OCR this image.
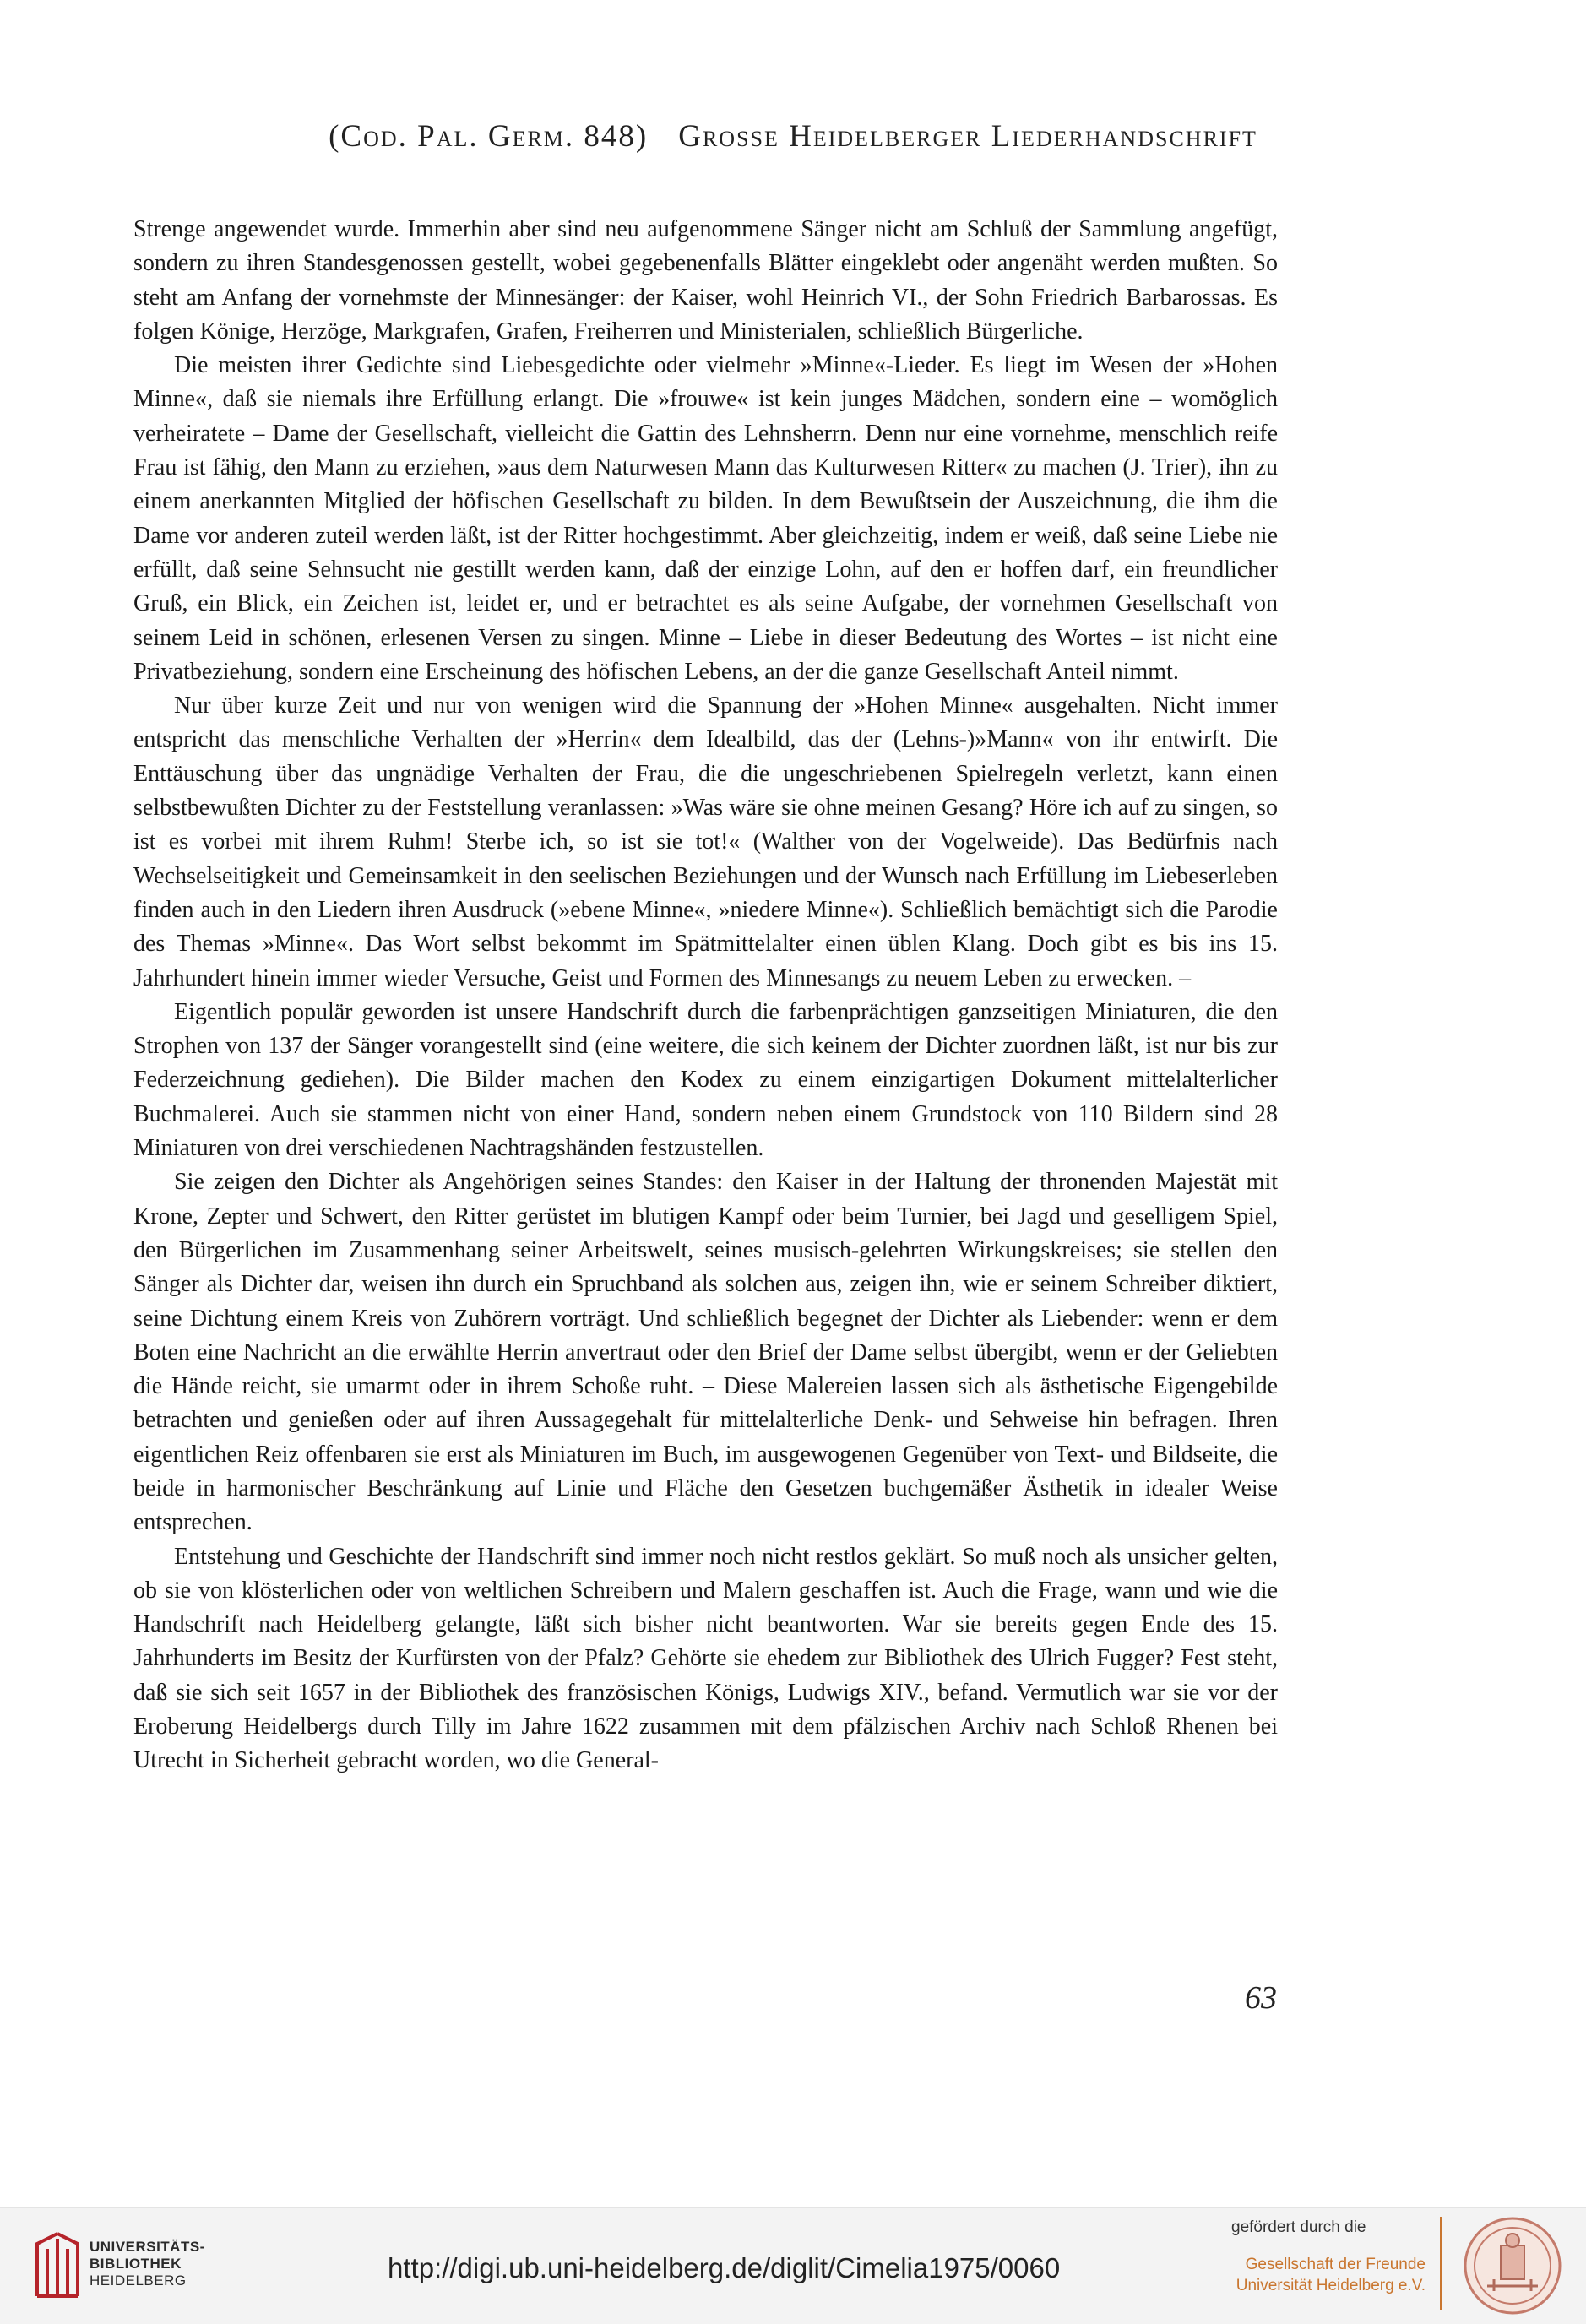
(Cod. Pal. Germ. 848) Grosse Heidelberger Liederhandschrift

Strenge angewendet wurde. Immerhin aber sind neu aufgenommene Sänger nicht am Schluß der Sammlung angefügt, sondern zu ihren Standesgenossen gestellt, wobei gegebenenfalls Blätter eingeklebt oder angenäht werden mußten. So steht am Anfang der vornehmste der Minnesänger: der Kaiser, wohl Heinrich VI., der Sohn Friedrich Barbarossas. Es folgen Könige, Herzöge, Markgrafen, Grafen, Freiherren und Ministerialen, schließlich Bürgerliche.

Die meisten ihrer Gedichte sind Liebesgedichte oder vielmehr »Minne«-Lieder. Es liegt im Wesen der »Hohen Minne«, daß sie niemals ihre Erfüllung erlangt. Die »frouwe« ist kein junges Mädchen, sondern eine – womöglich verheiratete – Dame der Gesellschaft, vielleicht die Gattin des Lehnsherrn. Denn nur eine vornehme, menschlich reife Frau ist fähig, den Mann zu erziehen, »aus dem Naturwesen Mann das Kulturwesen Ritter« zu machen (J. Trier), ihn zu einem anerkannten Mitglied der höfischen Gesellschaft zu bilden. In dem Bewußtsein der Auszeichnung, die ihm die Dame vor anderen zuteil werden läßt, ist der Ritter hochgestimmt. Aber gleichzeitig, indem er weiß, daß seine Liebe nie erfüllt, daß seine Sehnsucht nie gestillt werden kann, daß der einzige Lohn, auf den er hoffen darf, ein freundlicher Gruß, ein Blick, ein Zeichen ist, leidet er, und er betrachtet es als seine Aufgabe, der vornehmen Gesellschaft von seinem Leid in schönen, erlesenen Versen zu singen. Minne – Liebe in dieser Bedeutung des Wortes – ist nicht eine Privatbeziehung, sondern eine Erscheinung des höfischen Lebens, an der die ganze Gesellschaft Anteil nimmt.

Nur über kurze Zeit und nur von wenigen wird die Spannung der »Hohen Minne« ausgehalten. Nicht immer entspricht das menschliche Verhalten der »Herrin« dem Idealbild, das der (Lehns-)»Mann« von ihr entwirft. Die Enttäuschung über das ungnädige Verhalten der Frau, die die ungeschriebenen Spielregeln verletzt, kann einen selbstbewußten Dichter zu der Feststellung veranlassen: »Was wäre sie ohne meinen Gesang? Höre ich auf zu singen, so ist es vorbei mit ihrem Ruhm! Sterbe ich, so ist sie tot!« (Walther von der Vogelweide). Das Bedürfnis nach Wechselseitigkeit und Gemeinsamkeit in den seelischen Beziehungen und der Wunsch nach Erfüllung im Liebeserleben finden auch in den Liedern ihren Ausdruck (»ebene Minne«, »niedere Minne«). Schließlich bemächtigt sich die Parodie des Themas »Minne«. Das Wort selbst bekommt im Spätmittelalter einen üblen Klang. Doch gibt es bis ins 15. Jahrhundert hinein immer wieder Versuche, Geist und Formen des Minnesangs zu neuem Leben zu erwecken. –

Eigentlich populär geworden ist unsere Handschrift durch die farbenprächtigen ganzseitigen Miniaturen, die den Strophen von 137 der Sänger vorangestellt sind (eine weitere, die sich keinem der Dichter zuordnen läßt, ist nur bis zur Federzeichnung gediehen). Die Bilder machen den Kodex zu einem einzigartigen Dokument mittelalterlicher Buchmalerei. Auch sie stammen nicht von einer Hand, sondern neben einem Grundstock von 110 Bildern sind 28 Miniaturen von drei verschiedenen Nachtragshänden festzustellen.

Sie zeigen den Dichter als Angehörigen seines Standes: den Kaiser in der Haltung der thronenden Majestät mit Krone, Zepter und Schwert, den Ritter gerüstet im blutigen Kampf oder beim Turnier, bei Jagd und geselligem Spiel, den Bürgerlichen im Zusammenhang seiner Arbeitswelt, seines musisch-gelehrten Wirkungskreises; sie stellen den Sänger als Dichter dar, weisen ihn durch ein Spruchband als solchen aus, zeigen ihn, wie er seinem Schreiber diktiert, seine Dichtung einem Kreis von Zuhörern vorträgt. Und schließlich begegnet der Dichter als Liebender: wenn er dem Boten eine Nachricht an die erwählte Herrin anvertraut oder den Brief der Dame selbst übergibt, wenn er der Geliebten die Hände reicht, sie umarmt oder in ihrem Schoße ruht. – Diese Malereien lassen sich als ästhetische Eigengebilde betrachten und genießen oder auf ihren Aussagegehalt für mittelalterliche Denk- und Sehweise hin befragen. Ihren eigentlichen Reiz offenbaren sie erst als Miniaturen im Buch, im ausgewogenen Gegenüber von Text- und Bildseite, die beide in harmonischer Beschränkung auf Linie und Fläche den Gesetzen buchgemäßer Ästhetik in idealer Weise entsprechen.

Entstehung und Geschichte der Handschrift sind immer noch nicht restlos geklärt. So muß noch als unsicher gelten, ob sie von klösterlichen oder von weltlichen Schreibern und Malern geschaffen ist. Auch die Frage, wann und wie die Handschrift nach Heidelberg gelangte, läßt sich bisher nicht beantworten. War sie bereits gegen Ende des 15. Jahrhunderts im Besitz der Kurfürsten von der Pfalz? Gehörte sie ehedem zur Bibliothek des Ulrich Fugger? Fest steht, daß sie sich seit 1657 in der Bibliothek des französischen Königs, Ludwigs XIV., befand. Vermutlich war sie vor der Eroberung Heidelbergs durch Tilly im Jahre 1622 zusammen mit dem pfälzischen Archiv nach Schloß Rhenen bei Utrecht in Sicherheit gebracht worden, wo die General-

63
UNIVERSITÄTS-
BIBLIOTHEK
HEIDELBERG	http://digi.ub.uni-heidelberg.de/diglit/Cimelia1975/0060
gefördert durch die
Gesellschaft der Freunde
Universität Heidelberg e.V.
